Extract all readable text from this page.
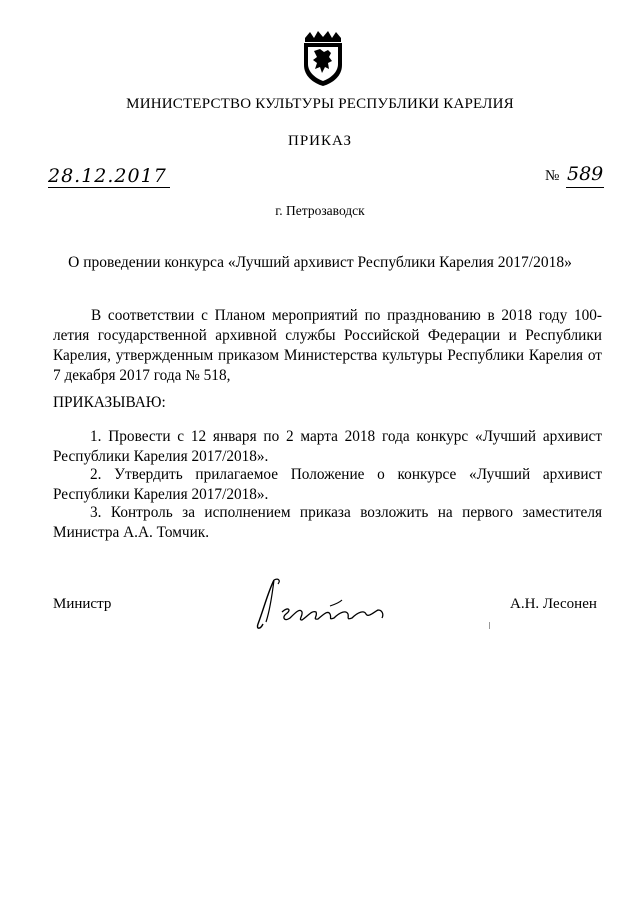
МИНИСТЕРСТВО КУЛЬТУРЫ РЕСПУБЛИКИ КАРЕЛИЯ
ПРИКАЗ
28.12.2017	№ 589
г. Петрозаводск
О проведении конкурса «Лучший архивист Республики Карелия 2017/2018»
В соответствии с Планом мероприятий по празднованию в 2018 году 100-летия государственной архивной службы Российской Федерации и Республики Карелия, утвержденным приказом Министерства культуры Республики Карелия от 7 декабря 2017 года № 518,
ПРИКАЗЫВАЮ:
1. Провести с 12 января по 2 марта 2018 года конкурс «Лучший архивист Республики Карелия 2017/2018».
2. Утвердить прилагаемое Положение о конкурсе «Лучший архивист Республики Карелия 2017/2018».
3. Контроль за исполнением приказа возложить на первого заместителя Министра А.А. Томчик.
Министр	А.Н. Лесонен
